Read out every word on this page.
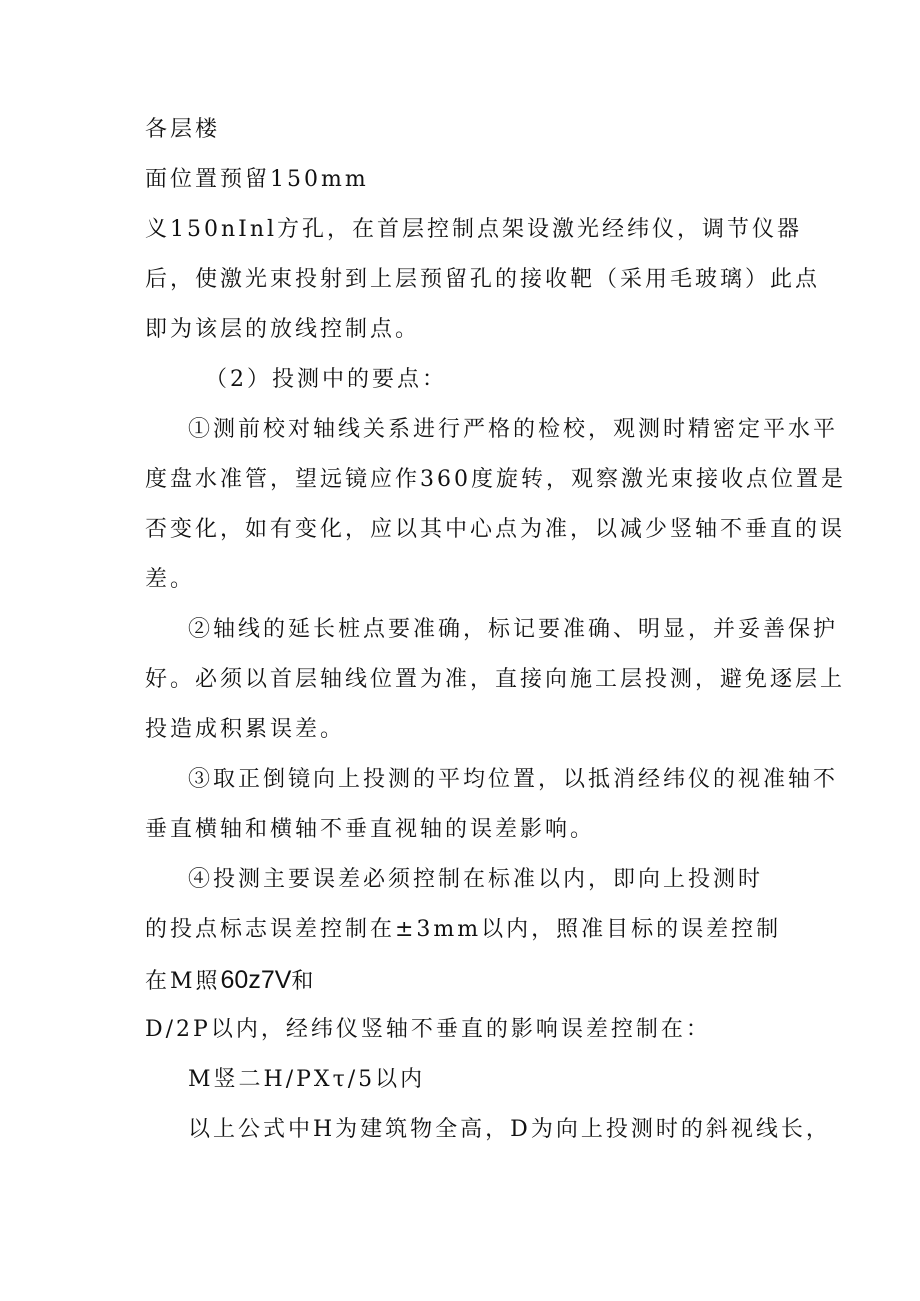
各层楼
面位置预留150mm
义150nInl方孔，在首层控制点架设激光经纬仪，调节仪器
后，使激光束投射到上层预留孔的接收靶（采用毛玻璃）此点
即为该层的放线控制点。
（2）投测中的要点：
①测前校对轴线关系进行严格的检校，观测时精密定平水平
度盘水准管，望远镜应作360度旋转，观察激光束接收点位置是
否变化，如有变化，应以其中心点为准，以减少竖轴不垂直的误
差。
②轴线的延长桩点要准确，标记要准确、明显，并妥善保护
好。必须以首层轴线位置为准，直接向施工层投测，避免逐层上
投造成积累误差。
③取正倒镜向上投测的平均位置，以抵消经纬仪的视准轴不
垂直横轴和横轴不垂直视轴的误差影响。
④投测主要误差必须控制在标准以内，即向上投测时
的投点标志误差控制在±3mm以内，照准目标的误差控制
在M照60z7V和
D/2P以内，经纬仪竖轴不垂直的影响误差控制在：
M竖二H/PXτ/5以内
以上公式中H为建筑物全高，D为向上投测时的斜视线长，
